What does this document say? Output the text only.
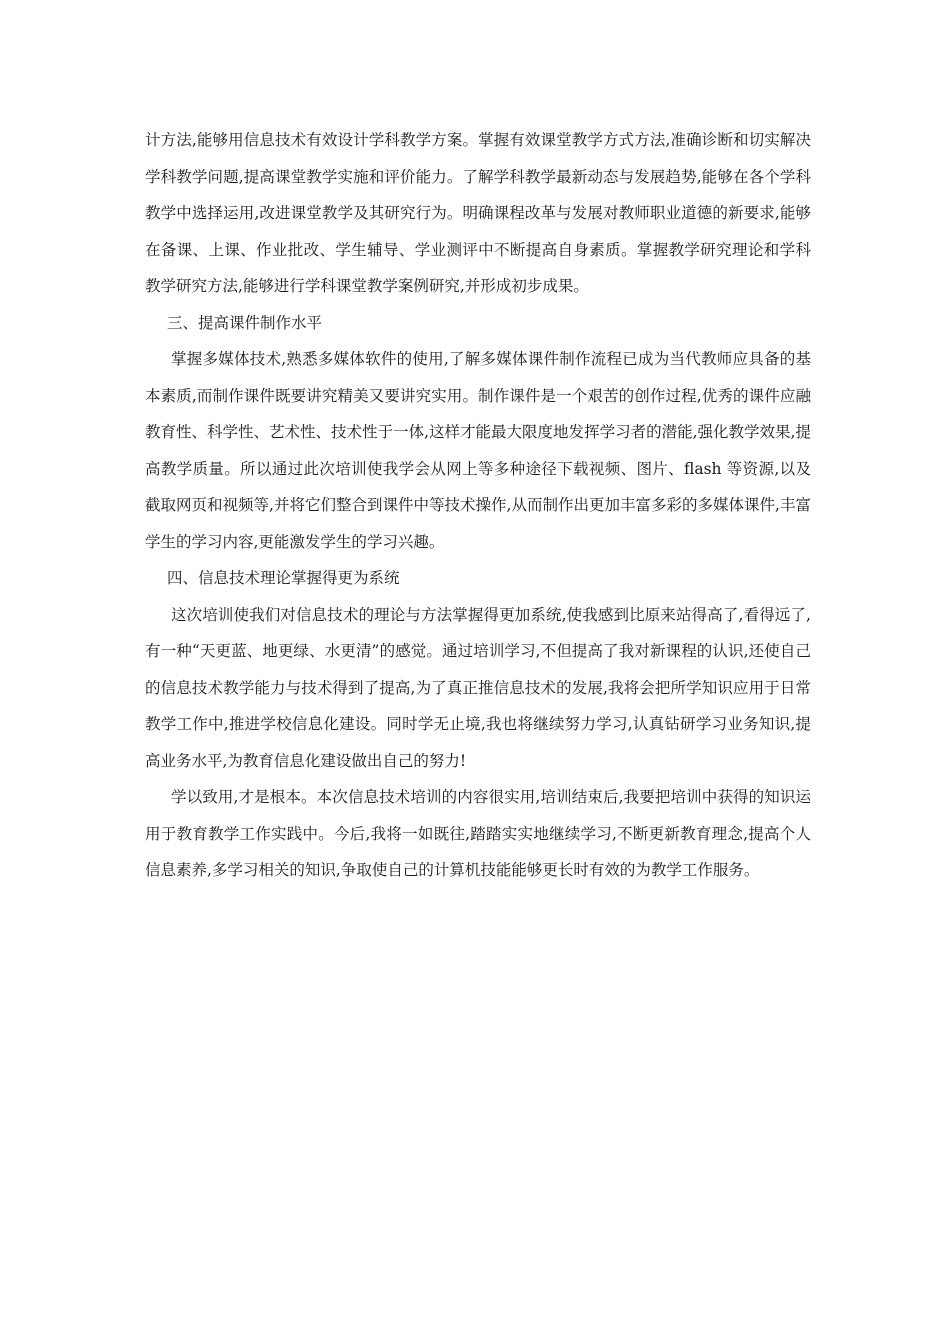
计方法,能够用信息技术有效设计学科教学方案。掌握有效课堂教学方式方法,准确诊断和切实解决学科教学问题,提高课堂教学实施和评价能力。了解学科教学最新动态与发展趋势,能够在各个学科教学中选择运用,改进课堂教学及其研究行为。明确课程改革与发展对教师职业道德的新要求,能够在备课、上课、作业批改、学生辅导、学业测评中不断提高自身素质。掌握教学研究理论和学科教学研究方法,能够进行学科课堂教学案例研究,并形成初步成果。

三、提高课件制作水平

掌握多媒体技术,熟悉多媒体软件的使用,了解多媒体课件制作流程已成为当代教师应具备的基本素质,而制作课件既要讲究精美又要讲究实用。制作课件是一个艰苦的创作过程,优秀的课件应融教育性、科学性、艺术性、技术性于一体,这样才能最大限度地发挥学习者的潜能,强化教学效果,提高教学质量。所以通过此次培训使我学会从网上等多种途径下载视频、图片、flash 等资源,以及截取网页和视频等,并将它们整合到课件中等技术操作,从而制作出更加丰富多彩的多媒体课件,丰富学生的学习内容,更能激发学生的学习兴趣。

四、信息技术理论掌握得更为系统

这次培训使我们对信息技术的理论与方法掌握得更加系统,使我感到比原来站得高了,看得远了,有一种“天更蓝、地更绿、水更清”的感觉。通过培训学习,不但提高了我对新课程的认识,还使自己的信息技术教学能力与技术得到了提高,为了真正推信息技术的发展,我将会把所学知识应用于日常教学工作中,推进学校信息化建设。同时学无止境,我也将继续努力学习,认真钻研学习业务知识,提高业务水平,为教育信息化建设做出自己的努力!

学以致用,才是根本。本次信息技术培训的内容很实用,培训结束后,我要把培训中获得的知识运用于教育教学工作实践中。今后,我将一如既往,踏踏实实地继续学习,不断更新教育理念,提高个人信息素养,多学习相关的知识,争取使自己的计算机技能能够更长时有效的为教学工作服务。
